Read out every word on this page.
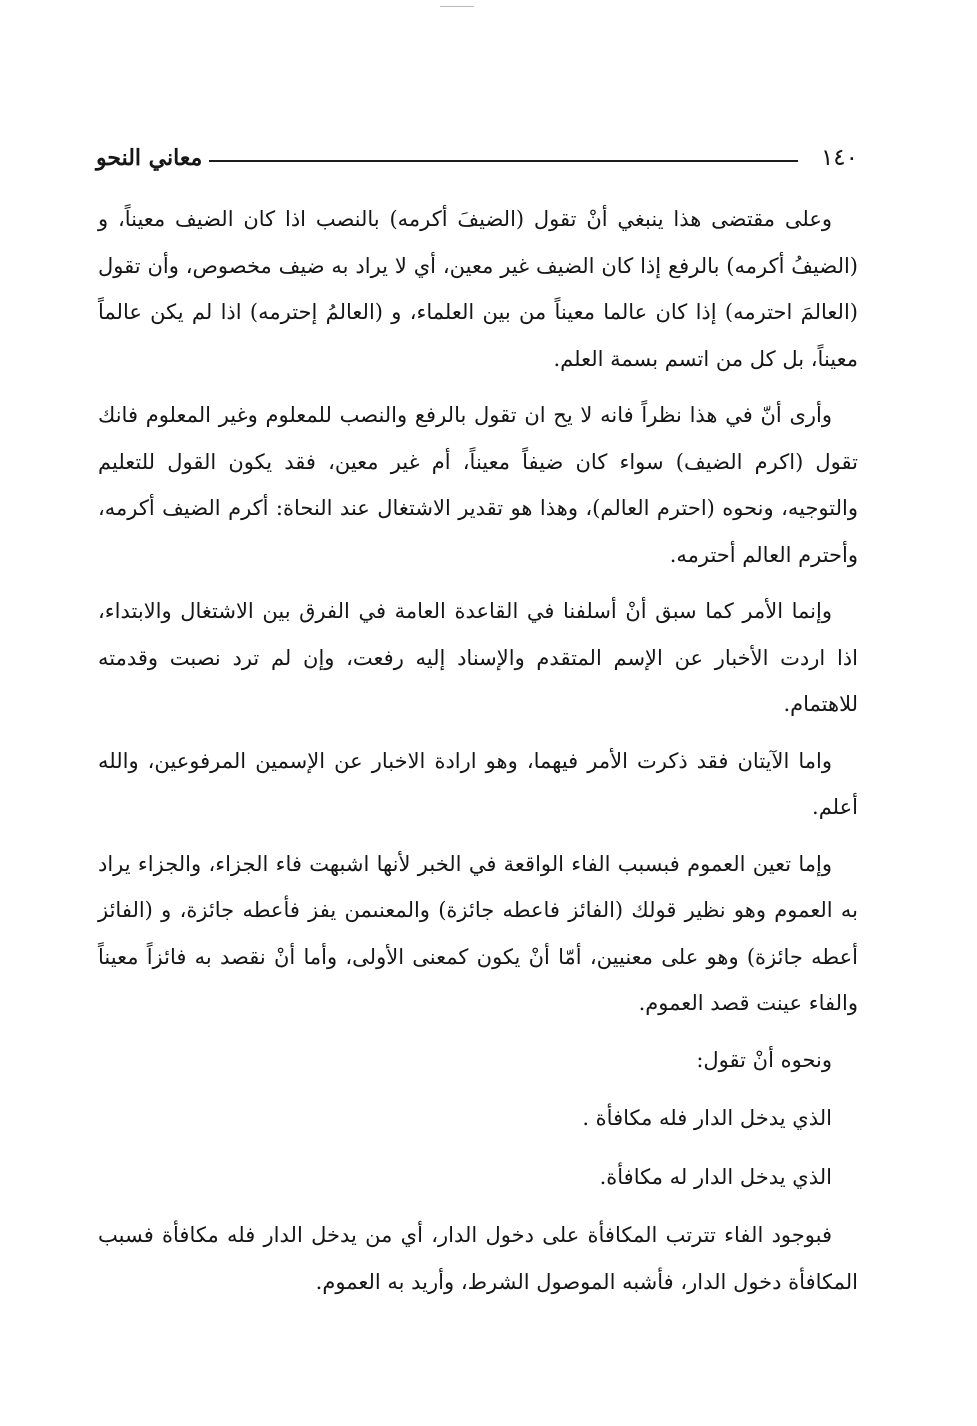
معاني النحو	١٤٠

وعلى مقتضى هذا ينبغي أنْ تقول (الضيفَ أكرمه) بالنصب اذا كان الضيف معيناً، و (الضيفُ أكرمه) بالرفع إذا كان الضيف غير معين، أي لا يراد به ضيف مخصوص، وأن تقول (العالمَ احترمه) إذا كان عالما معيناً من بين العلماء، و (العالمُ إحترمه) اذا لم يكن عالماً معيناً، بل كل من اتسم بسمة العلم.

وأرى أنّ في هذا نظراً فانه لا يح ان تقول بالرفع والنصب للمعلوم وغير المعلوم فانك تقول (اكرم الضيف) سواء كان ضيفاً معيناً، أم غير معين، فقد يكون القول للتعليم والتوجيه، ونحوه (احترم العالم)، وهذا هو تقدير الاشتغال عند النحاة: أكرم الضيف أكرمه، وأحترم العالم أحترمه.

وإنما الأمر كما سبق أنْ أسلفنا في القاعدة العامة في الفرق بين الاشتغال والابتداء، اذا اردت الأخبار عن الإسم المتقدم والإسناد إليه رفعت، وإن لم ترد نصبت وقدمته للاهتمام.

واما الآيتان فقد ذكرت الأمر فيهما، وهو ارادة الاخبار عن الإسمين المرفوعين، والله أعلم.

وإما تعين العموم فبسبب الفاء الواقعة في الخبر لأنها اشبهت فاء الجزاء، والجزاء يراد به العموم وهو نظير قولك (الفائز فاعطه جائزة) والمعنىمن يفز فأعطه جائزة، و (الفائز أعطه جائزة) وهو على معنيين، أمّا أنْ يكون كمعنى الأولى، وأما أنْ نقصد به فائزاً معيناً والفاء عينت قصد العموم.

ونحوه أنْ تقول:

الذي يدخل الدار فله مكافأة .

الذي يدخل الدار له مكافأة.

فبوجود الفاء تترتب المكافأة على دخول الدار، أي من يدخل الدار فله مكافأة فسبب المكافأة دخول الدار، فأشبه الموصول الشرط، وأريد به العموم.
